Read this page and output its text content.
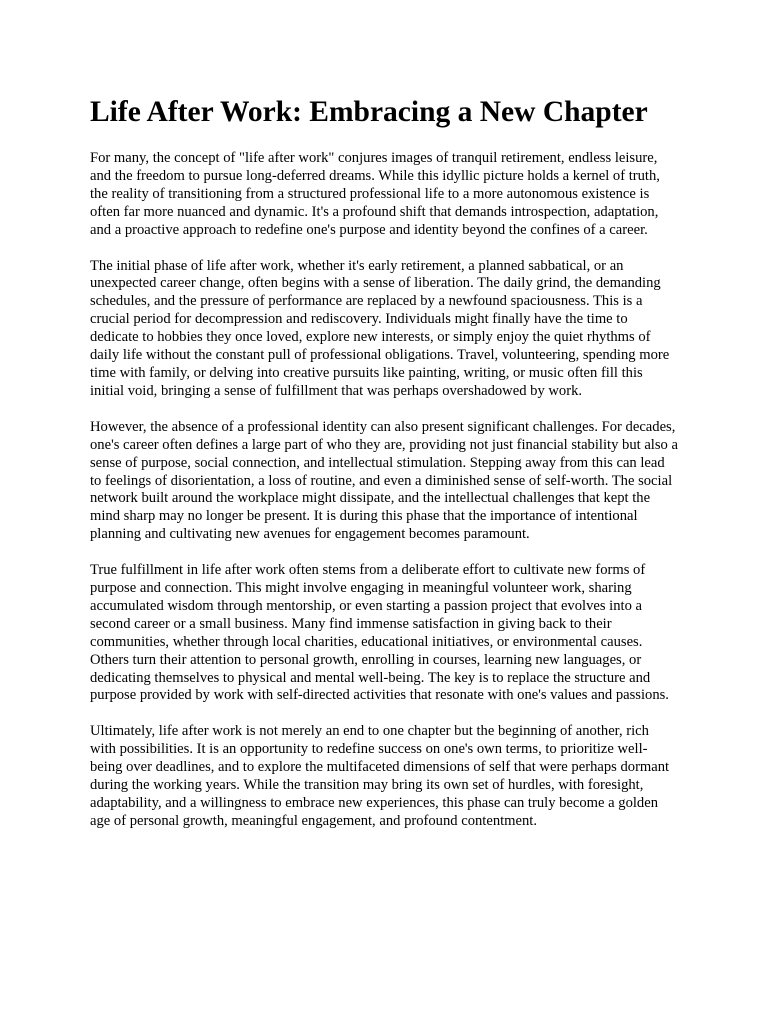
Life After Work: Embracing a New Chapter

For many, the concept of "life after work" conjures images of tranquil retirement, endless leisure, and the freedom to pursue long-deferred dreams. While this idyllic picture holds a kernel of truth, the reality of transitioning from a structured professional life to a more autonomous existence is often far more nuanced and dynamic. It's a profound shift that demands introspection, adaptation, and a proactive approach to redefine one's purpose and identity beyond the confines of a career.

The initial phase of life after work, whether it's early retirement, a planned sabbatical, or an unexpected career change, often begins with a sense of liberation. The daily grind, the demanding schedules, and the pressure of performance are replaced by a newfound spaciousness. This is a crucial period for decompression and rediscovery. Individuals might finally have the time to dedicate to hobbies they once loved, explore new interests, or simply enjoy the quiet rhythms of daily life without the constant pull of professional obligations. Travel, volunteering, spending more time with family, or delving into creative pursuits like painting, writing, or music often fill this initial void, bringing a sense of fulfillment that was perhaps overshadowed by work.

However, the absence of a professional identity can also present significant challenges. For decades, one's career often defines a large part of who they are, providing not just financial stability but also a sense of purpose, social connection, and intellectual stimulation. Stepping away from this can lead to feelings of disorientation, a loss of routine, and even a diminished sense of self-worth. The social network built around the workplace might dissipate, and the intellectual challenges that kept the mind sharp may no longer be present. It is during this phase that the importance of intentional planning and cultivating new avenues for engagement becomes paramount.

True fulfillment in life after work often stems from a deliberate effort to cultivate new forms of purpose and connection. This might involve engaging in meaningful volunteer work, sharing accumulated wisdom through mentorship, or even starting a passion project that evolves into a second career or a small business. Many find immense satisfaction in giving back to their communities, whether through local charities, educational initiatives, or environmental causes. Others turn their attention to personal growth, enrolling in courses, learning new languages, or dedicating themselves to physical and mental well-being. The key is to replace the structure and purpose provided by work with self-directed activities that resonate with one's values and passions.

Ultimately, life after work is not merely an end to one chapter but the beginning of another, rich with possibilities. It is an opportunity to redefine success on one's own terms, to prioritize well-being over deadlines, and to explore the multifaceted dimensions of self that were perhaps dormant during the working years. While the transition may bring its own set of hurdles, with foresight, adaptability, and a willingness to embrace new experiences, this phase can truly become a golden age of personal growth, meaningful engagement, and profound contentment.
